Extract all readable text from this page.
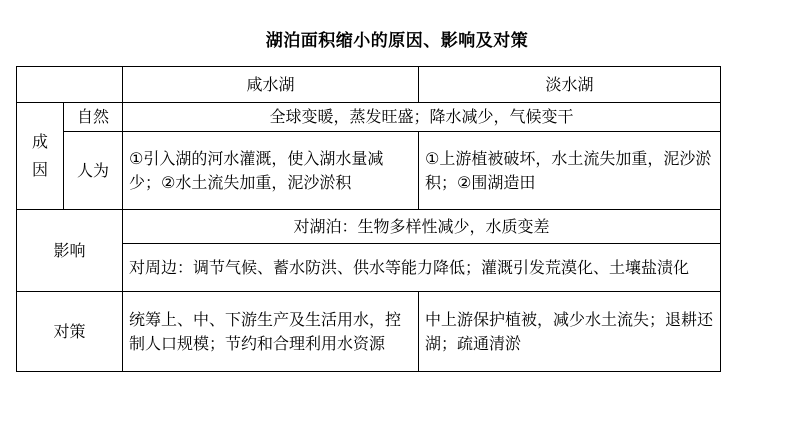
湖泊面积缩小的原因、影响及对策
		咸水湖	淡水湖

成因	自然	全球变暖，蒸发旺盛；降水减少，气候变干	
	人为	①引入湖的河水灌溉，使入湖水量减少；②水土流失加重，泥沙淤积	①上游植被破坏，水土流失加重，泥沙淤积；②围湖造田
影响		对湖泊：生物多样性减少，水质变差	
		对周边：调节气候、蓄水防洪、供水等能力降低；灌溉引发荒漠化、土壤盐渍化	
对策		统筹上、中、下游生产及生活用水，控制人口规模；节约和合理利用水资源	中上游保护植被，减少水土流失；退耕还湖；疏通清淤
